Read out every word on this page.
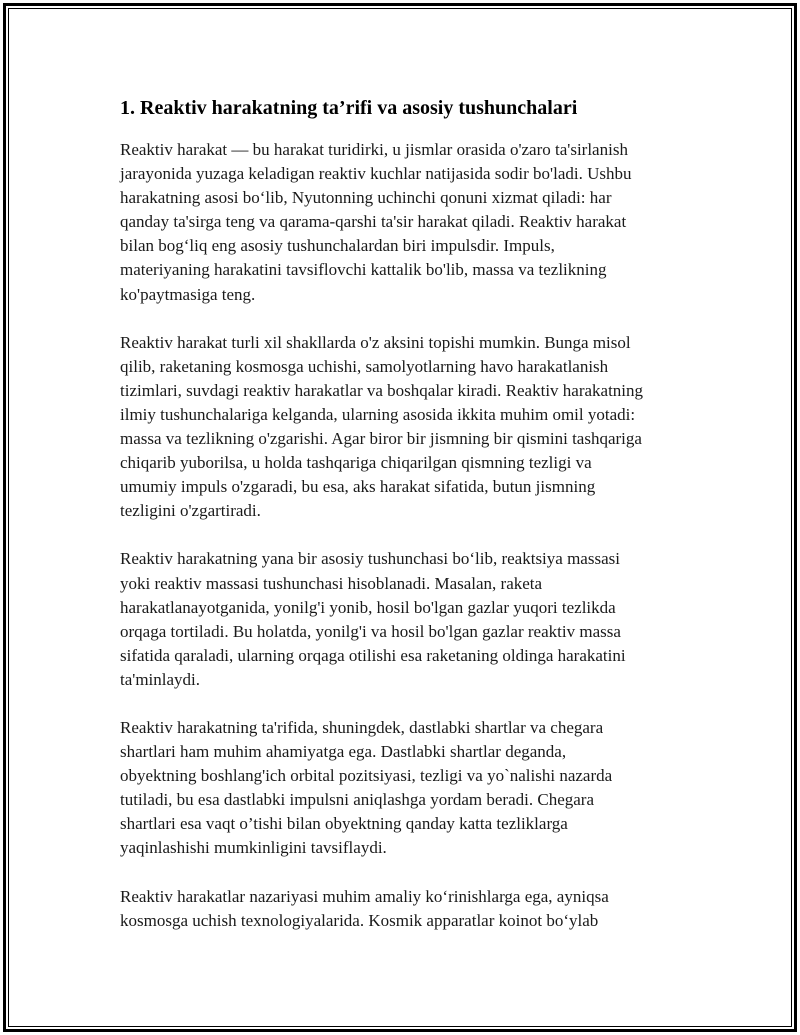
1. Reaktiv harakatning ta’rifi va asosiy tushunchalari
Reaktiv harakat — bu harakat turidirki, u jismlar orasida o'zaro ta'sirlanish
jarayonida yuzaga keladigan reaktiv kuchlar natijasida sodir bo'ladi. Ushbu
harakatning asosi bo‘lib, Nyutonning uchinchi qonuni xizmat qiladi: har
qanday ta'sirga teng va qarama-qarshi ta'sir harakat qiladi. Reaktiv harakat
bilan bog‘liq eng asosiy tushunchalardan biri impulsdir. Impuls,
materiyaning harakatini tavsiflovchi kattalik bo'lib, massa va tezlikning
ko'paytmasiga teng.
Reaktiv harakat turli xil shakllarda o'z aksini topishi mumkin. Bunga misol
qilib, raketaning kosmosga uchishi, samolyotlarning havo harakatlanish
tizimlari, suvdagi reaktiv harakatlar va boshqalar kiradi. Reaktiv harakatning
ilmiy tushunchalariga kelganda, ularning asosida ikkita muhim omil yotadi:
massa va tezlikning o'zgarishi. Agar biror bir jismning bir qismini tashqariga
chiqarib yuborilsa, u holda tashqariga chiqarilgan qismning tezligi va
umumiy impuls o'zgaradi, bu esa, aks harakat sifatida, butun jismning
tezligini o'zgartiradi.
Reaktiv harakatning yana bir asosiy tushunchasi bo‘lib, reaktsiya massasi
yoki reaktiv massasi tushunchasi hisoblanadi. Masalan, raketa
harakatlanayotganida, yonilg'i yonib, hosil bo'lgan gazlar yuqori tezlikda
orqaga tortiladi. Bu holatda, yonilg'i va hosil bo'lgan gazlar reaktiv massa
sifatida qaraladi, ularning orqaga otilishi esa raketaning oldinga harakatini
ta'minlaydi.
Reaktiv harakatning ta'rifida, shuningdek, dastlabki shartlar va chegara
shartlari ham muhim ahamiyatga ega. Dastlabki shartlar deganda,
obyektning boshlang'ich orbital pozitsiyasi, tezligi va yo`nalishi nazarda
tutiladi, bu esa dastlabki impulsni aniqlashga yordam beradi. Chegara
shartlari esa vaqt o’tishi bilan obyektning qanday katta tezliklarga
yaqinlashishi mumkinligini tavsiflaydi.
Reaktiv harakatlar nazariyasi muhim amaliy ko‘rinishlarga ega, ayniqsa
kosmosga uchish texnologiyalarida. Kosmik apparatlar koinot bo‘ylab
